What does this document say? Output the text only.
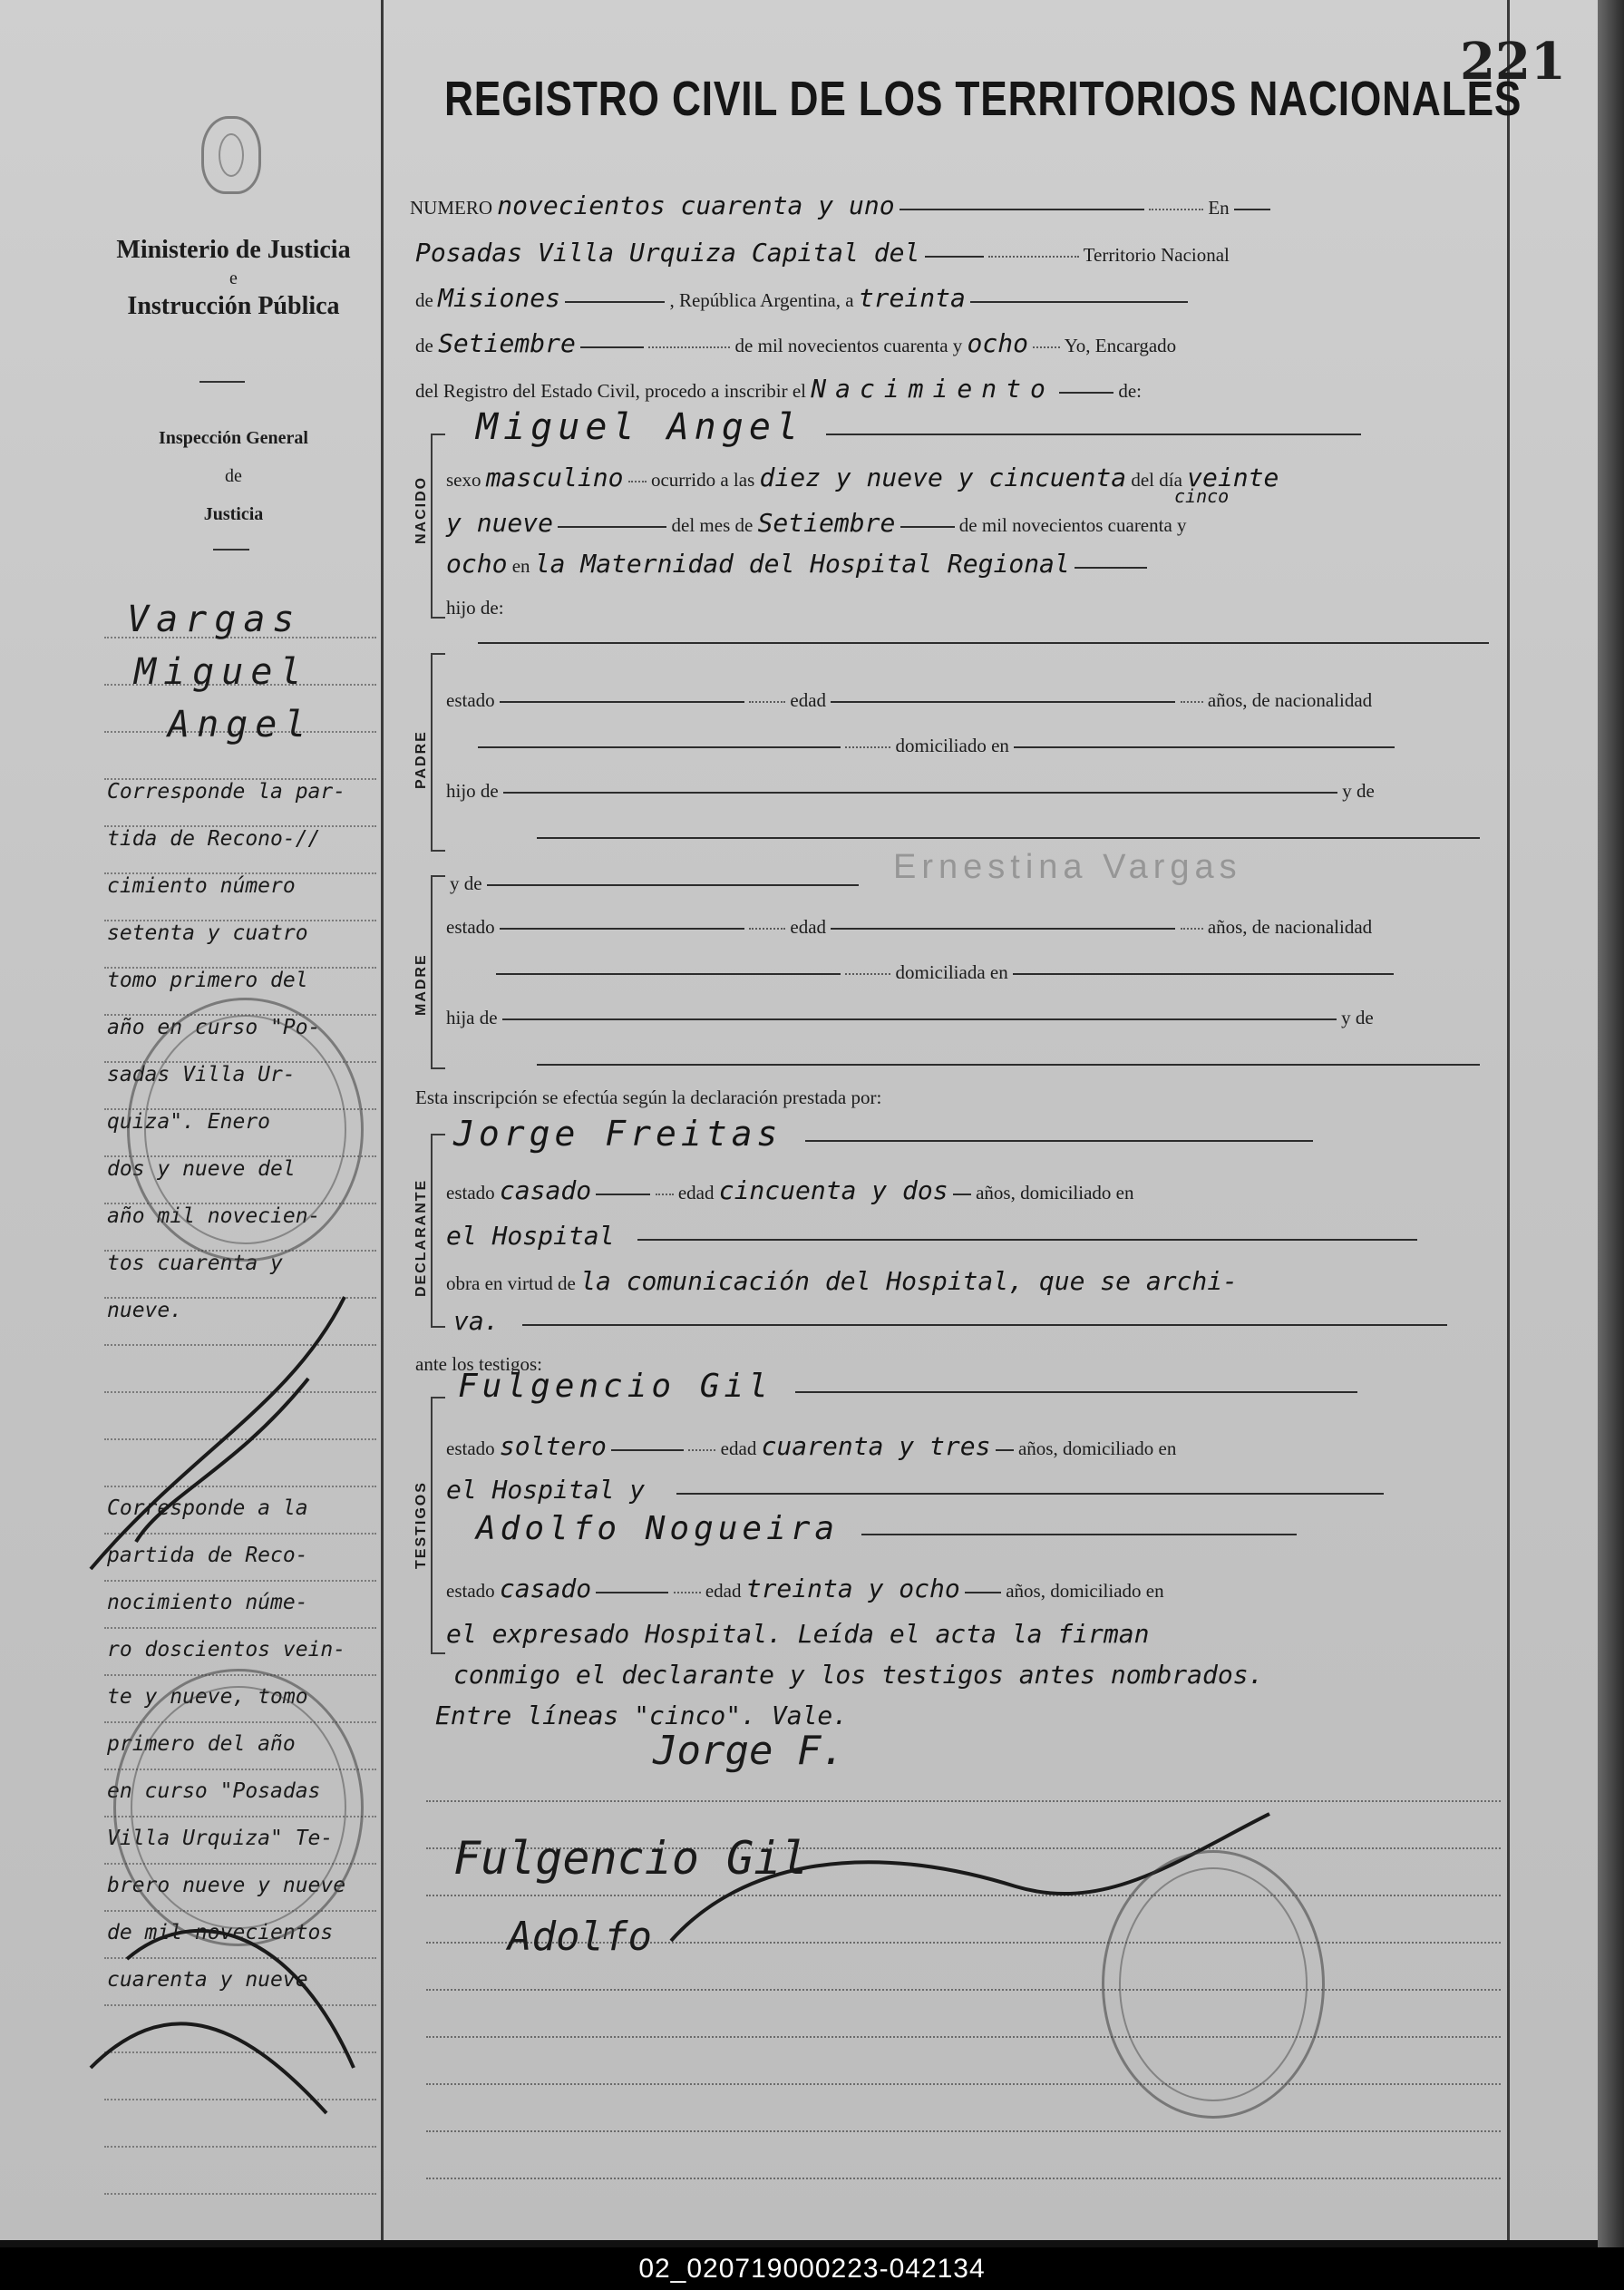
Ministerio de Justicia
e
Instrucción Pública
Inspección General
de
Justicia
Vargas
Miguel
Angel
Corresponde la par-
tida de Recono-//
cimiento número
setenta y cuatro
tomo primero del
año en curso "Po-
sadas Villa Ur-
quiza". Enero
dos y nueve del
año mil novecien-
tos cuarenta y
nueve.
Corresponde a la
partida de Reco-
nocimiento núme-
ro doscientos vein-
te y nueve, tomo
primero del año
en curso "Posadas
Villa Urquiza" Te-
brero nueve y nueve
de mil novecientos
cuarenta y nueve
221
REGISTRO CIVIL DE LOS TERRITORIOS NACIONALES
NUMERO novecientos cuarenta y uno	En
Posadas Villa Urquiza Capital del	Territorio Nacional
de Misiones	, República Argentina, a treinta
de Setiembre	de mil novecientos cuarenta y ocho Yo, Encargado
del Registro del Estado Civil, procedo a inscribir el Nacimiento	de:
Miguel Angel
NACIDO sexo masculino ocurrido a las diez y nueve y cincuenta del día veinte
cinco
y nueve	del mes de Setiembre	de mil novecientos cuarenta y
ocho en la Maternidad del Hospital Regional
hijo de:
PADRE
estado	edad	años, de nacionalidad
domiciliado en
hijo de	y de
Ernestina Vargas
MADRE
y de
estado	edad	años, de nacionalidad
domiciliada en
hija de	y de
Esta inscripción se efectúa según la declaración prestada por:
DECLARANTE
Jorge Freitas
estado casado	edad cincuenta y dos años, domiciliado en
el Hospital
obra en virtud de la comunicación del Hospital, que se archi-
va.
ante los testigos:
TESTIGOS
Fulgencio Gil
estado soltero	edad cuarenta y tres años, domiciliado en
el Hospital y
Adolfo Nogueira
estado casado	edad treinta y ocho años, domiciliado en
el expresado Hospital. Leída el acta la firman
conmigo el declarante y los testigos antes nombrados.
Entre líneas "cinco". Vale.
Jorge F.
Fulgencio Gil
Adolfo
02_020719000223-042134
